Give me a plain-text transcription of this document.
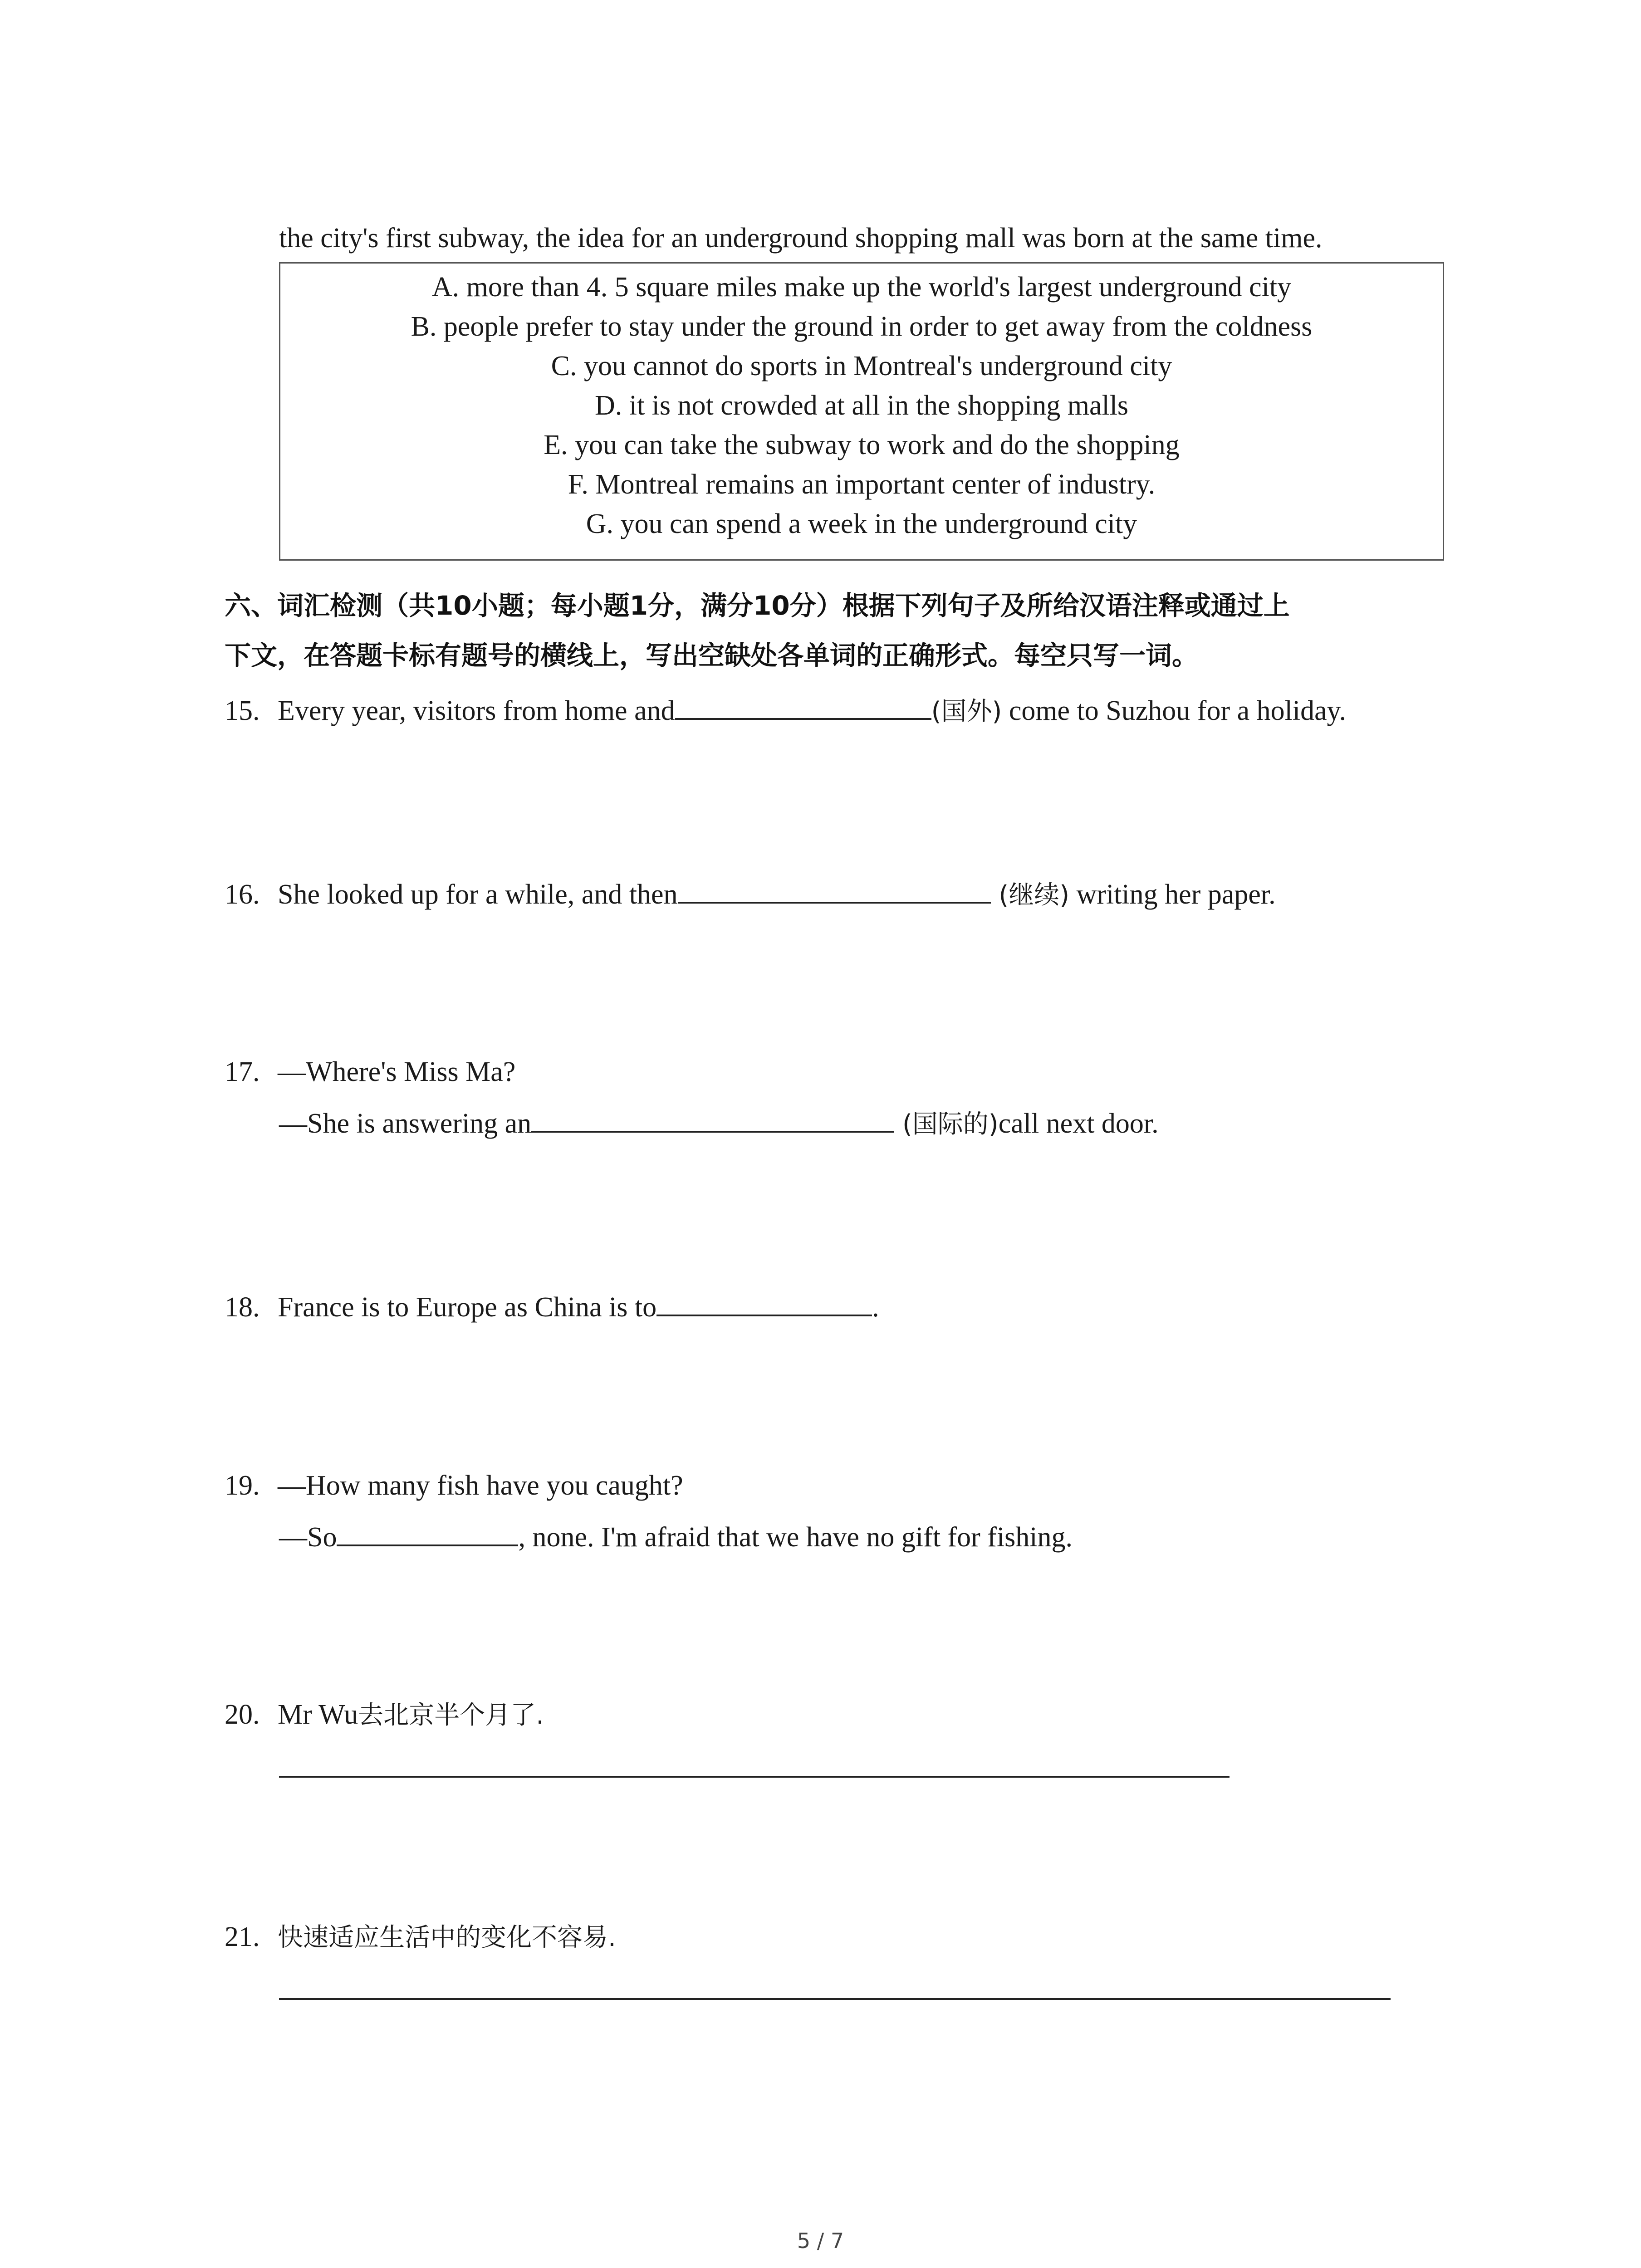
the city's first subway, the idea for an underground shopping mall was born at the same time.
A. more than 4. 5 square miles make up the world's largest underground city
B. people prefer to stay under the ground in order to get away from the coldness
C. you cannot do sports in Montreal's underground city
D. it is not crowded at all in the shopping malls
E. you can take the subway to work and do the shopping
F. Montreal remains an important center of industry.
G. you can spend a week in the underground city
六、词汇检测（共10小题；每小题1分，满分10分）根据下列句子及所给汉语注释或通过上
下文，在答题卡标有题号的横线上，写出空缺处各单词的正确形式。每空只写一词。
15. Every year, visitors from home and	(国外) come to Suzhou for a holiday.
16. She looked up for a while, and then	(继续) writing her paper.
17. —Where's Miss Ma?
—She is answering an	(国际的)call next door.
18. France is to Europe as China is to	.
19. —How many fish have you caught?
—So	, none. I'm afraid that we have no gift for fishing.
20. Mr Wu去北京半个月了.
21. 快速适应生活中的变化不容易.
5 / 7
